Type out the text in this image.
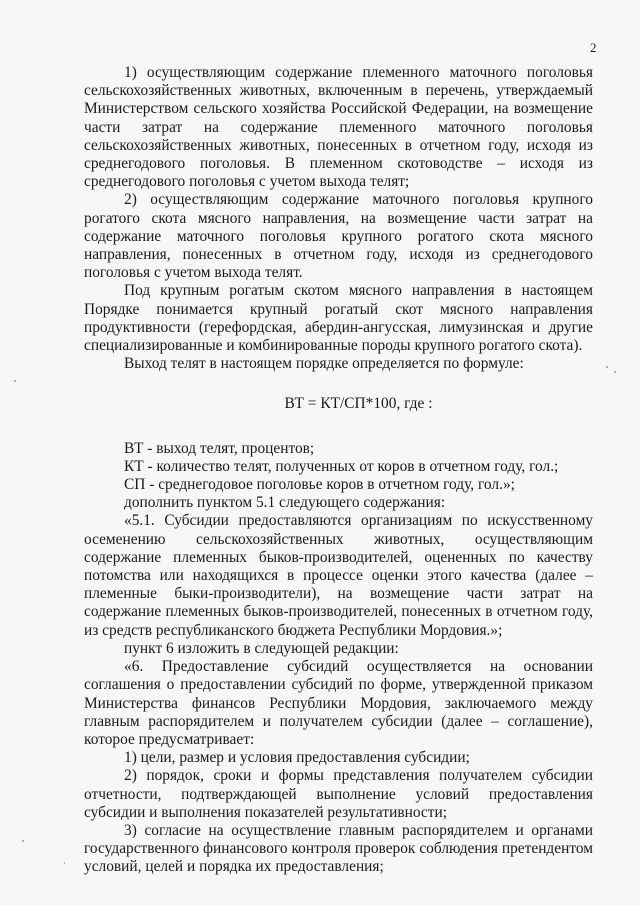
2

1) осуществляющим содержание племенного маточного поголовья сельскохозяйственных животных, включенным в перечень, утверждаемый Министерством сельского хозяйства Российской Федерации, на возмещение части затрат на содержание племенного маточного поголовья сельскохозяйственных животных, понесенных в отчетном году, исходя из среднегодового поголовья. В племенном скотоводстве – исходя из среднегодового поголовья с учетом выхода телят;

2) осуществляющим содержание маточного поголовья крупного рогатого скота мясного направления, на возмещение части затрат на содержание маточного поголовья крупного рогатого скота мясного направления, понесенных в отчетном году, исходя из среднегодового поголовья с учетом выхода телят.

Под крупным рогатым скотом мясного направления в настоящем Порядке понимается крупный рогатый скот мясного направления продуктивности (герефордская, абердин-ангусская, лимузинская и другие специализированные и комбинированные породы крупного рогатого скота).

Выход телят в настоящем порядке определяется по формуле:

ВТ = КТ/СП*100, где :

ВТ - выход телят, процентов;

КТ - количество телят, полученных от коров в отчетном году, гол.;

СП - среднегодовое поголовье коров в отчетном году, гол.»;

дополнить пунктом 5.1 следующего содержания:

«5.1. Субсидии предоставляются организациям по искусственному осеменению сельскохозяйственных животных, осуществляющим содержание племенных быков-производителей, оцененных по качеству потомства или находящихся в процессе оценки этого качества (далее – племенные быки-производители), на возмещение части затрат на содержание племенных быков-производителей, понесенных в отчетном году, из средств республиканского бюджета Республики Мордовия.»;

пункт 6 изложить в следующей редакции:

«6. Предоставление субсидий осуществляется на основании соглашения о предоставлении субсидий по форме, утвержденной приказом Министерства финансов Республики Мордовия, заключаемого между главным распорядителем и получателем субсидии (далее – соглашение), которое предусматривает:

1) цели, размер и условия предоставления субсидии;

2) порядок, сроки и формы представления получателем субсидии отчетности, подтверждающей выполнение условий предоставления субсидии и выполнения показателей результативности;

3) согласие на осуществление главным распорядителем и органами государственного финансового контроля проверок соблюдения претендентом условий, целей и порядка их предоставления;
